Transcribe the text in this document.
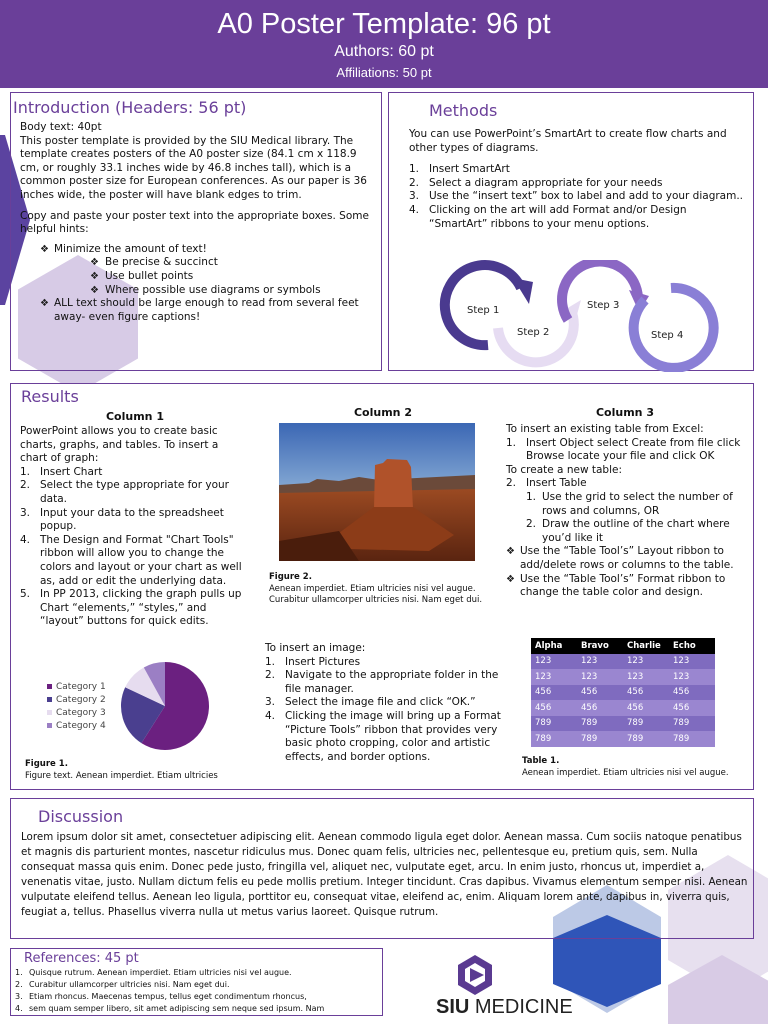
A0 Poster Template: 96 pt
Authors: 60 pt
Affiliations: 50 pt
Introduction (Headers: 56 pt)
Body text: 40pt
This poster template is provided by the SIU Medical library. The template creates posters of the A0 poster size (84.1 cm x 118.9 cm, or roughly 33.1 inches wide by 46.8 inches tall), which is a common poster size for European conferences. As our paper is 36 inches wide, the poster will have blank edges to trim.
Copy and paste your poster text into the appropriate boxes. Some helpful hints:
❖ Minimize the amount of text!
❖ Be precise & succinct
❖ Use bullet points
❖ Where possible use diagrams or symbols
❖ ALL text should be large enough to read from several feet away- even figure captions!
Methods
You can use PowerPoint’s SmartArt to create flow charts and other types of diagrams.
1. Insert SmartArt
2. Select a diagram appropriate for your needs
3. Use the “insert text” box to label and add to your diagram..
4. Clicking on the art will add Format and/or Design “SmartArt” ribbons to your menu options.
Step 1
Step 2
Step 3
Step 4
Results
Column 1
PowerPoint allows you to create basic charts, graphs, and tables. To insert a chart of graph:
1. Insert Chart
2. Select the type appropriate for your data.
3. Input your data to the spreadsheet popup.
4. The Design and Format "Chart Tools" ribbon will allow you to change the colors and layout or your chart as well as, add or edit the underlying data.
5. In PP 2013, clicking the graph pulls up Chart “elements,” “styles,” and “layout” buttons for quick edits.
Category 1
Category 2
Category 3
Category 4
Figure 1.
Figure text. Aenean imperdiet. Etiam ultricies
Column 2
Figure 2.
Aenean imperdiet. Etiam ultricies nisi vel augue. Curabitur ullamcorper ultricies nisi. Nam eget dui.
To insert an image:
1. Insert Pictures
2. Navigate to the appropriate folder in the file manager.
3. Select the image file and click “OK.”
4. Clicking the image will bring up a Format “Picture Tools” ribbon that provides very basic photo cropping, color and artistic effects, and border options.
Column 3
To insert an existing table from Excel:
1. Insert Object select Create from file click Browse locate your file and click OK
To create a new table:
2. Insert Table
1. Use the grid to select the number of rows and columns, OR
2. Draw the outline of the chart where you’d like it
❖ Use the “Table Tool’s” Layout ribbon to add/delete rows or columns to the table.
❖ Use the “Table Tool’s” Format ribbon to change the table color and design.
Alpha	Bravo	Charlie	Echo
123	123	123	123
123	123	123	123
456	456	456	456
456	456	456	456
789	789	789	789
789	789	789	789
Table 1.
Aenean imperdiet. Etiam ultricies nisi vel augue.
Discussion
Lorem ipsum dolor sit amet, consectetuer adipiscing elit. Aenean commodo ligula eget dolor. Aenean massa. Cum sociis natoque penatibus et magnis dis parturient montes, nascetur ridiculus mus. Donec quam felis, ultricies nec, pellentesque eu, pretium quis, sem. Nulla consequat massa quis enim. Donec pede justo, fringilla vel, aliquet nec, vulputate eget, arcu. In enim justo, rhoncus ut, imperdiet a, venenatis vitae, justo. Nullam dictum felis eu pede mollis pretium. Integer tincidunt. Cras dapibus. Vivamus elementum semper nisi. Aenean vulputate eleifend tellus. Aenean leo ligula, porttitor eu, consequat vitae, eleifend ac, enim. Aliquam lorem ante, dapibus in, viverra quis, feugiat a, tellus. Phasellus viverra nulla ut metus varius laoreet. Quisque rutrum.
References: 45 pt
1. Quisque rutrum. Aenean imperdiet. Etiam ultricies nisi vel augue.
2. Curabitur ullamcorper ultricies nisi. Nam eget dui.
3. Etiam rhoncus. Maecenas tempus, tellus eget condimentum rhoncus,
4. sem quam semper libero, sit amet adipiscing sem neque sed ipsum. Nam	SIU MEDICINE
